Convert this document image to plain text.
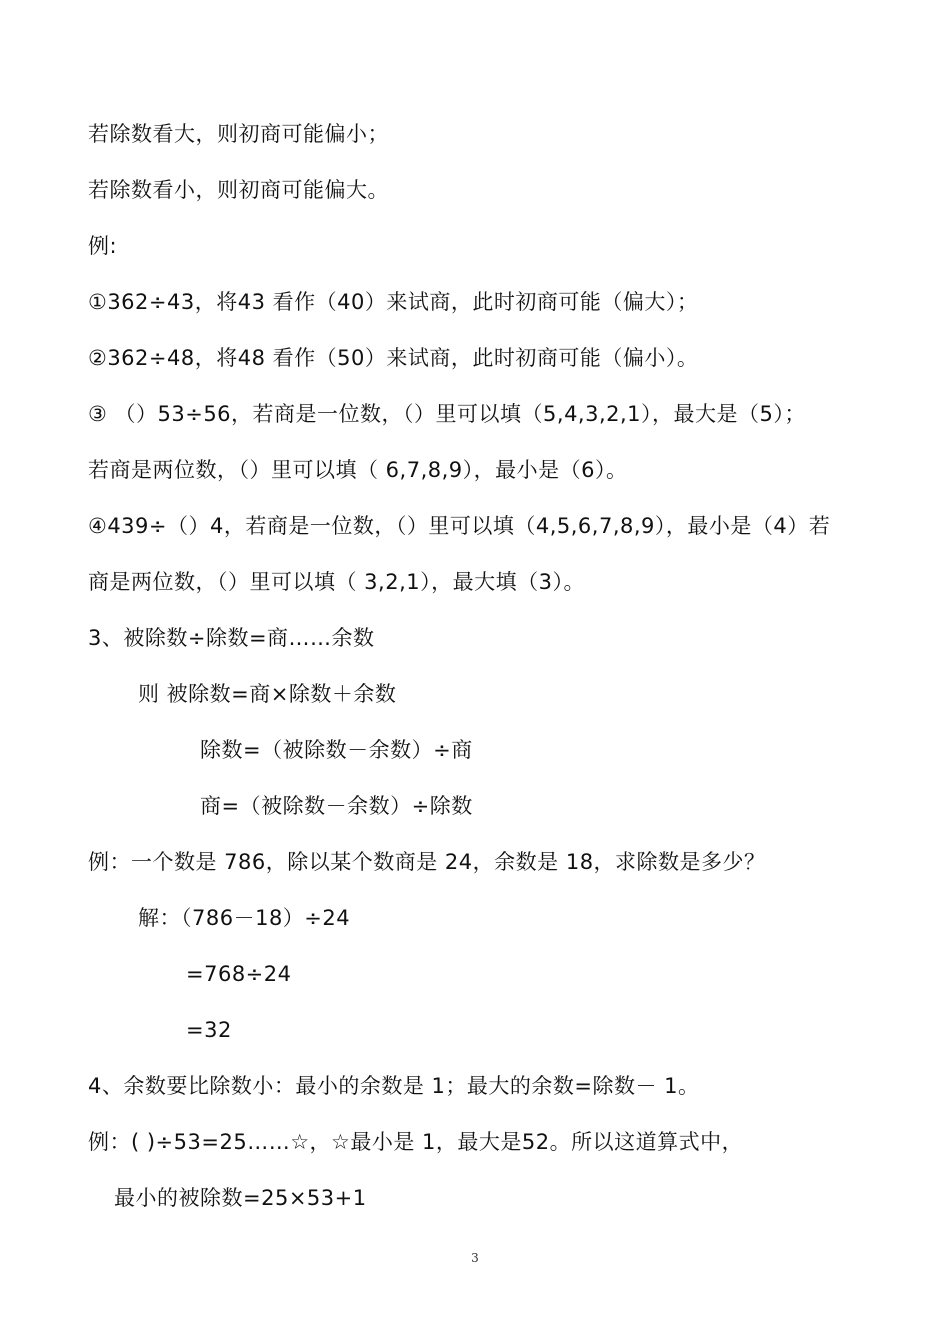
若除数看大，则初商可能偏小；
若除数看小，则初商可能偏大。
例:
①362÷43，将43 看作（40）来试商，此时初商可能（偏大）；
②362÷48，将48 看作（50）来试商，此时初商可能（偏小）。
③ （）53÷56，若商是一位数，（）里可以填（5,4,3,2,1），最大是（5）；
若商是两位数，（）里可以填（ 6,7,8,9），最小是（6）。
④439÷（）4，若商是一位数，（）里可以填（4,5,6,7,8,9），最小是（4）若
商是两位数，（）里可以填（ 3,2,1），最大填（3）。
3、被除数÷除数=商……余数
则 被除数=商×除数＋余数
除数=（被除数－余数）÷商
商=（被除数－余数）÷除数
例：一个数是 786，除以某个数商是 24，余数是 18，求除数是多少？
解：（786－18）÷24
=768÷24
=32
4、余数要比除数小：最小的余数是 1；最大的余数=除数－ 1。
例：( )÷53=25……☆，☆最小是 1，最大是52。所以这道算式中，
最小的被除数=25×53+1
3
